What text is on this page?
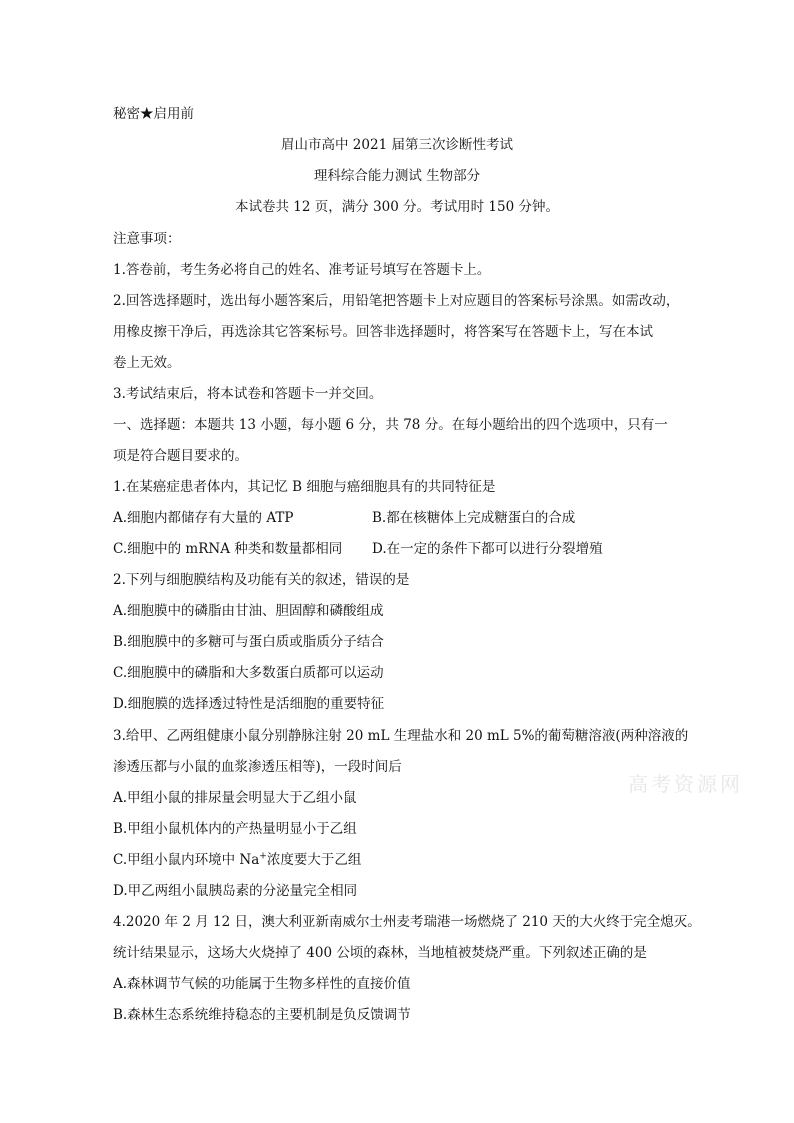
秘密★启用前
眉山市高中 2021 届第三次诊断性考试
理科综合能力测试 生物部分
本试卷共 12 页，满分 300 分。考试用时 150 分钟。
注意事项：
1.答卷前，考生务必将自己的姓名、准考证号填写在答题卡上。
2.回答选择题时，选出每小题答案后，用铅笔把答题卡上对应题目的答案标号涂黑。如需改动，
用橡皮擦干净后，再选涂其它答案标号。回答非选择题时，将答案写在答题卡上，写在本试
卷上无效。
3.考试结束后，将本试卷和答题卡一并交回。
一、选择题：本题共 13 小题，每小题 6 分，共 78 分。在每小题给出的四个选项中，只有一
项是符合题目要求的。
1.在某癌症患者体内，其记忆 B 细胞与癌细胞具有的共同特征是
A.细胞内都储存有大量的 ATP	B.都在核糖体上完成糖蛋白的合成
C.细胞中的 mRNA 种类和数量都相同	D.在一定的条件下都可以进行分裂增殖
2.下列与细胞膜结构及功能有关的叙述，错误的是
A.细胞膜中的磷脂由甘油、胆固醇和磷酸组成
B.细胞膜中的多糖可与蛋白质或脂质分子结合
C.细胞膜中的磷脂和大多数蛋白质都可以运动
D.细胞膜的选择透过特性是活细胞的重要特征
3.给甲、乙两组健康小鼠分别静脉注射 20 mL 生理盐水和 20 mL 5%的葡萄糖溶液(两种溶液的
渗透压都与小鼠的血浆渗透压相等)，一段时间后
A.甲组小鼠的排尿量会明显大于乙组小鼠
B.甲组小鼠机体内的产热量明显小于乙组
C.甲组小鼠内环境中 Na+浓度要大于乙组
D.甲乙两组小鼠胰岛素的分泌量完全相同
4.2020 年 2 月 12 日，澳大利亚新南威尔士州麦考瑞港一场燃烧了 210 天的大火终于完全熄灭。
统计结果显示，这场大火烧掉了 400 公顷的森林，当地植被焚烧严重。下列叙述正确的是
A.森林调节气候的功能属于生物多样性的直接价值
B.森林生态系统维持稳态的主要机制是负反馈调节
高考资源网
